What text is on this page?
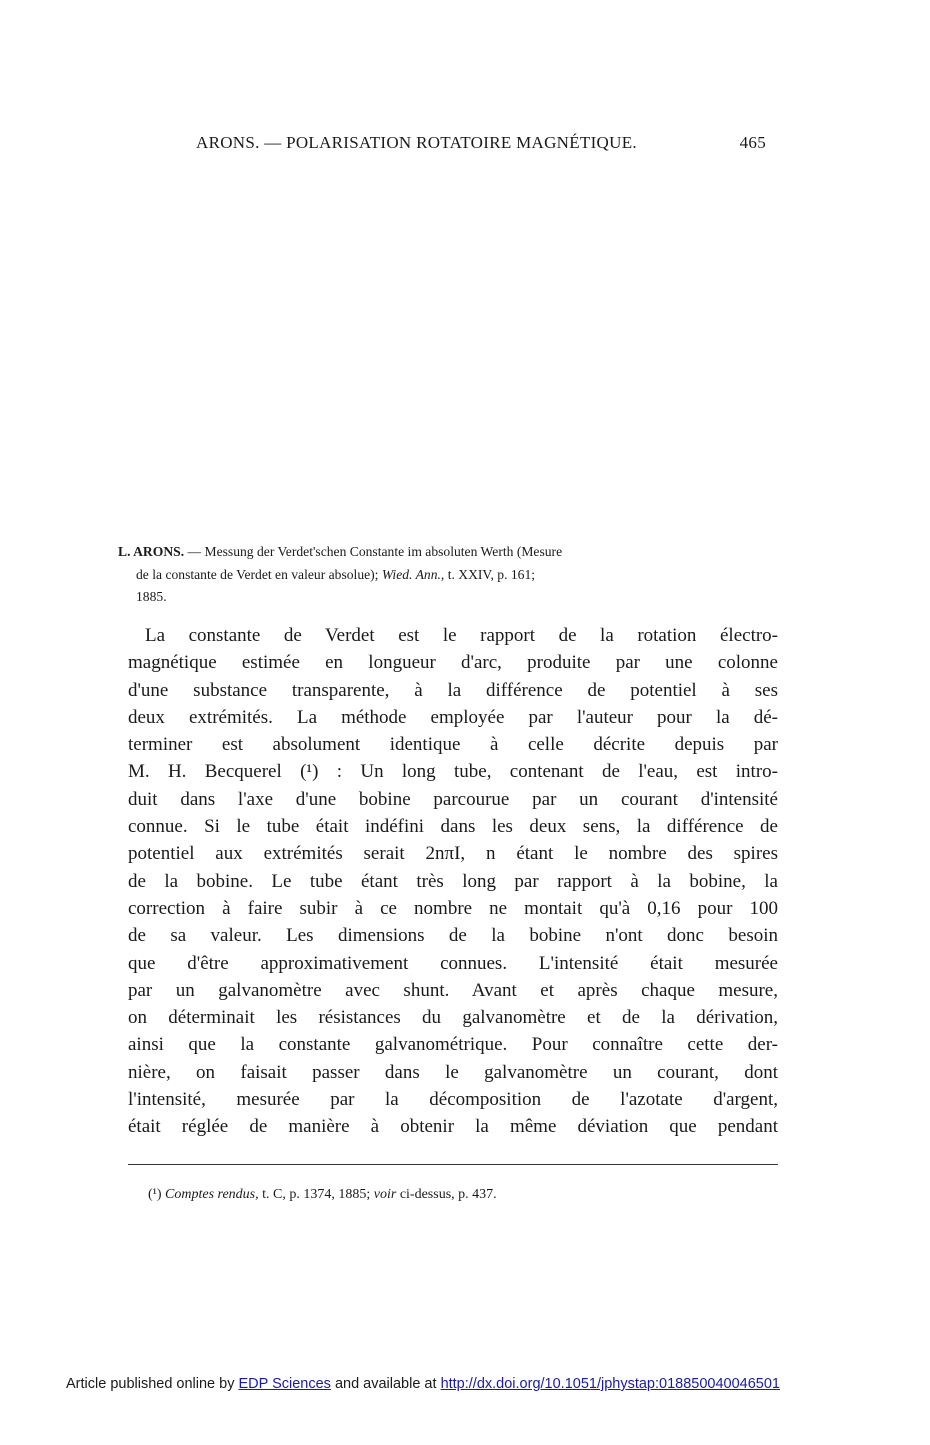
ARONS. — POLARISATION ROTATOIRE MAGNÉTIQUE.	465
L. ARONS. — Messung der Verdet'schen Constante im absoluten Werth (Mesure
de la constante de Verdet en valeur absolue); Wied. Ann., t. XXIV, p. 161;
1885.
La constante de Verdet est le rapport de la rotation électro-
magnétique estimée en longueur d'arc, produite par une colonne
d'une substance transparente, à la différence de potentiel à ses
deux extrémités. La méthode employée par l'auteur pour la dé-
terminer est absolument identique à celle décrite depuis par
M. H. Becquerel (¹) : Un long tube, contenant de l'eau, est intro-
duit dans l'axe d'une bobine parcourue par un courant d'intensité
connue. Si le tube était indéfini dans les deux sens, la différence de
potentiel aux extrémités serait 2nπI, n étant le nombre des spires
de la bobine. Le tube étant très long par rapport à la bobine, la
correction à faire subir à ce nombre ne montait qu'à 0,16 pour 100
de sa valeur. Les dimensions de la bobine n'ont donc besoin
que d'être approximativement connues. L'intensité était mesurée
par un galvanomètre avec shunt. Avant et après chaque mesure,
on déterminait les résistances du galvanomètre et de la dérivation,
ainsi que la constante galvanométrique. Pour connaître cette der-
nière, on faisait passer dans le galvanomètre un courant, dont
l'intensité, mesurée par la décomposition de l'azotate d'argent,
était réglée de manière à obtenir la même déviation que pendant
(¹) Comptes rendus, t. C, p. 1374, 1885; voir ci-dessus, p. 437.
Article published online by EDP Sciences and available at http://dx.doi.org/10.1051/jphystap:018850040046501
